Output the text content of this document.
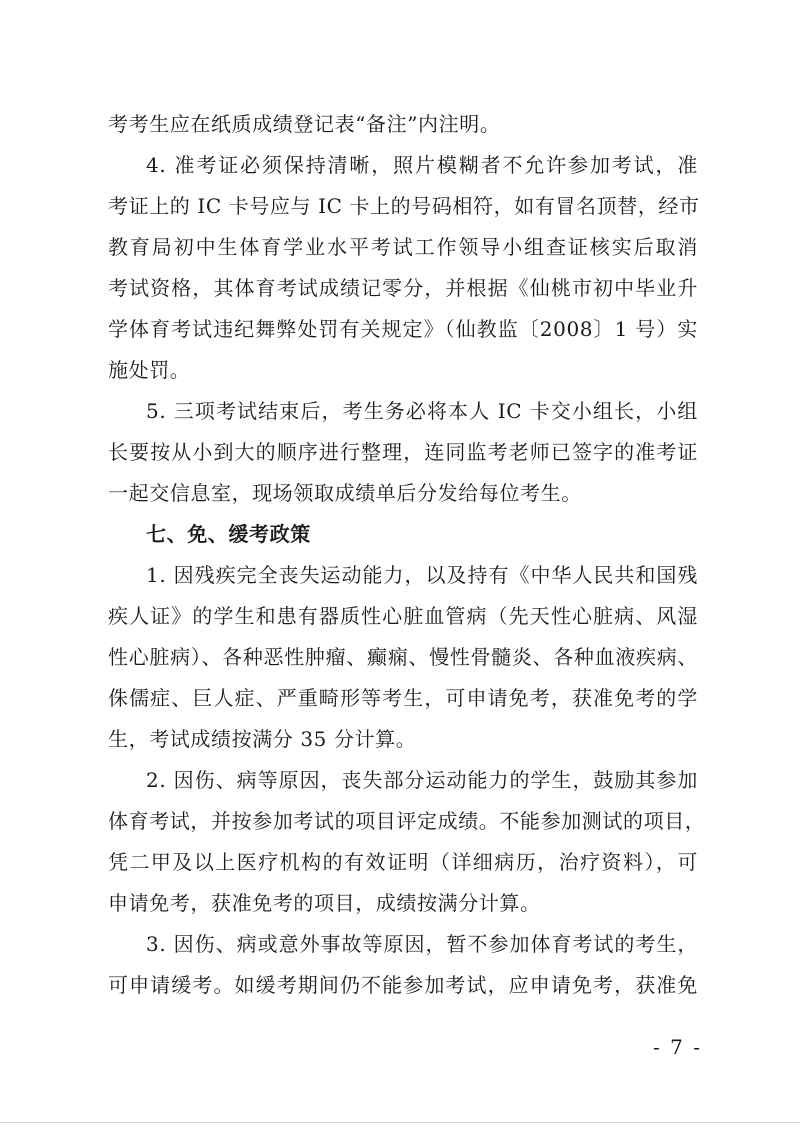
考考生应在纸质成绩登记表“备注”内注明。
4. 准考证必须保持清晰，照片模糊者不允许参加考试，准
考证上的 IC 卡号应与 IC 卡上的号码相符，如有冒名顶替，经市
教育局初中生体育学业水平考试工作领导小组查证核实后取消
考试资格，其体育考试成绩记零分，并根据《仙桃市初中毕业升
学体育考试违纪舞弊处罚有关规定》（仙教监〔2008〕1 号）实
施处罚。
5. 三项考试结束后，考生务必将本人 IC 卡交小组长，小组
长要按从小到大的顺序进行整理，连同监考老师已签字的准考证
一起交信息室，现场领取成绩单后分发给每位考生。
七、免、缓考政策
1. 因残疾完全丧失运动能力，以及持有《中华人民共和国残
疾人证》的学生和患有器质性心脏血管病（先天性心脏病、风湿
性心脏病）、各种恶性肿瘤、癫痫、慢性骨髓炎、各种血液疾病、
侏儒症、巨人症、严重畸形等考生，可申请免考，获准免考的学
生，考试成绩按满分 35 分计算。
2. 因伤、病等原因，丧失部分运动能力的学生，鼓励其参加
体育考试，并按参加考试的项目评定成绩。不能参加测试的项目，
凭二甲及以上医疗机构的有效证明（详细病历，治疗资料），可
申请免考，获准免考的项目，成绩按满分计算。
3. 因伤、病或意外事故等原因，暂不参加体育考试的考生，
可申请缓考。如缓考期间仍不能参加考试，应申请免考，获准免
- 7 -
